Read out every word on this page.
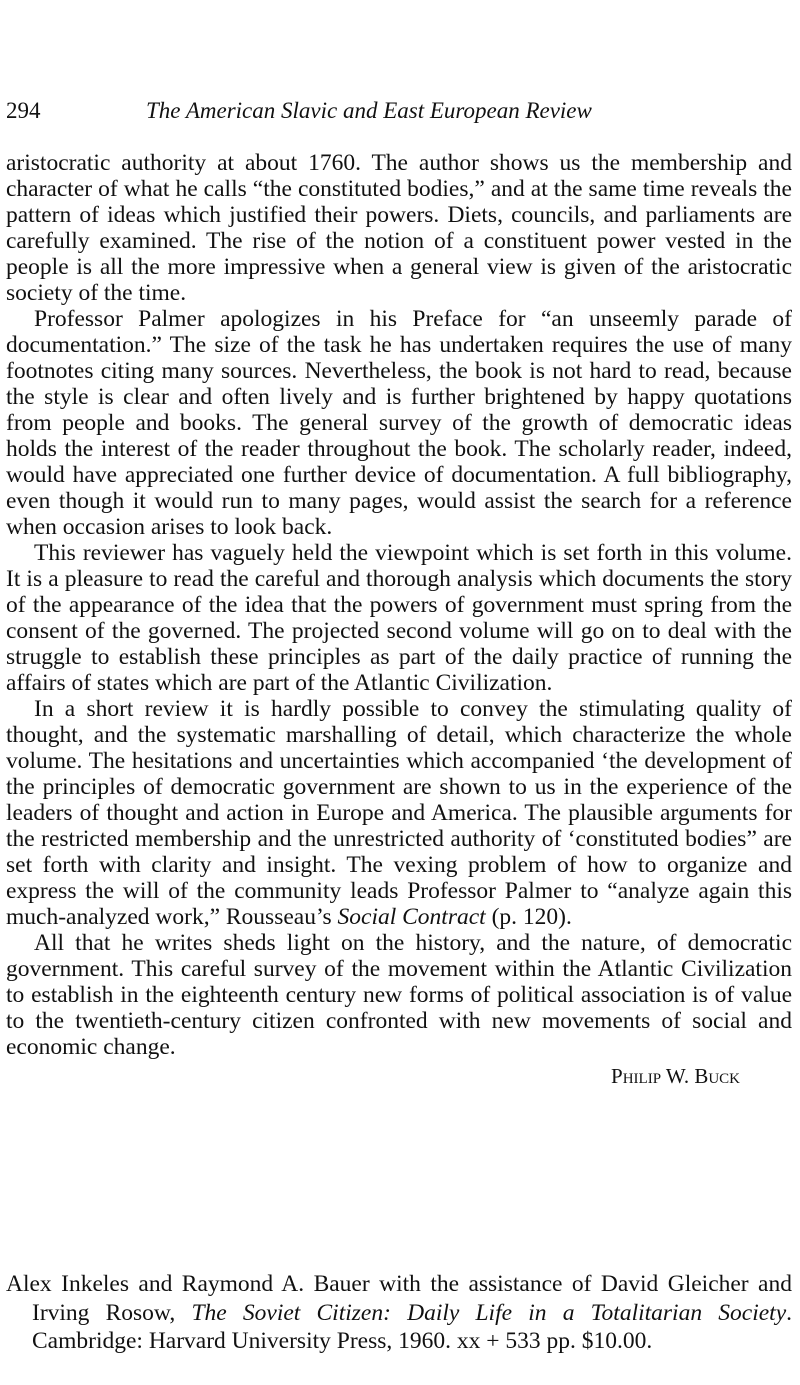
294	The American Slavic and East European Review

aristocratic authority at about 1760. The author shows us the membership and character of what he calls “the constituted bodies,” and at the same time reveals the pattern of ideas which justified their powers. Diets, councils, and parliaments are carefully examined. The rise of the notion of a constituent power vested in the people is all the more impressive when a general view is given of the aristocratic society of the time.

Professor Palmer apologizes in his Preface for “an unseemly parade of documentation.” The size of the task he has undertaken requires the use of many footnotes citing many sources. Nevertheless, the book is not hard to read, because the style is clear and often lively and is further brightened by happy quotations from people and books. The general survey of the growth of democratic ideas holds the interest of the reader throughout the book. The scholarly reader, indeed, would have appreciated one further device of documentation. A full bibliography, even though it would run to many pages, would assist the search for a reference when occasion arises to look back.

This reviewer has vaguely held the viewpoint which is set forth in this volume. It is a pleasure to read the careful and thorough analysis which documents the story of the appearance of the idea that the powers of government must spring from the consent of the governed. The projected second volume will go on to deal with the struggle to establish these principles as part of the daily practice of running the affairs of states which are part of the Atlantic Civilization.

In a short review it is hardly possible to convey the stimulating quality of thought, and the systematic marshalling of detail, which characterize the whole volume. The hesitations and uncertainties which accompanied ‘the development of the principles of democratic government are shown to us in the experience of the leaders of thought and action in Europe and America. The plausible arguments for the restricted membership and the unrestricted authority of ‘constituted bodies” are set forth with clarity and insight. The vexing problem of how to organize and express the will of the community leads Professor Palmer to “analyze again this much-analyzed work,” Rousseau’s Social Contract (p. 120).

All that he writes sheds light on the history, and the nature, of democratic government. This careful survey of the movement within the Atlantic Civilization to establish in the eighteenth century new forms of political association is of value to the twentieth-century citizen confronted with new movements of social and economic change.

Philip W. Buck

Alex Inkeles and Raymond A. Bauer with the assistance of David Gleicher and Irving Rosow, The Soviet Citizen: Daily Life in a Totalitarian Society. Cambridge: Harvard University Press, 1960. xx + 533 pp. $10.00.
